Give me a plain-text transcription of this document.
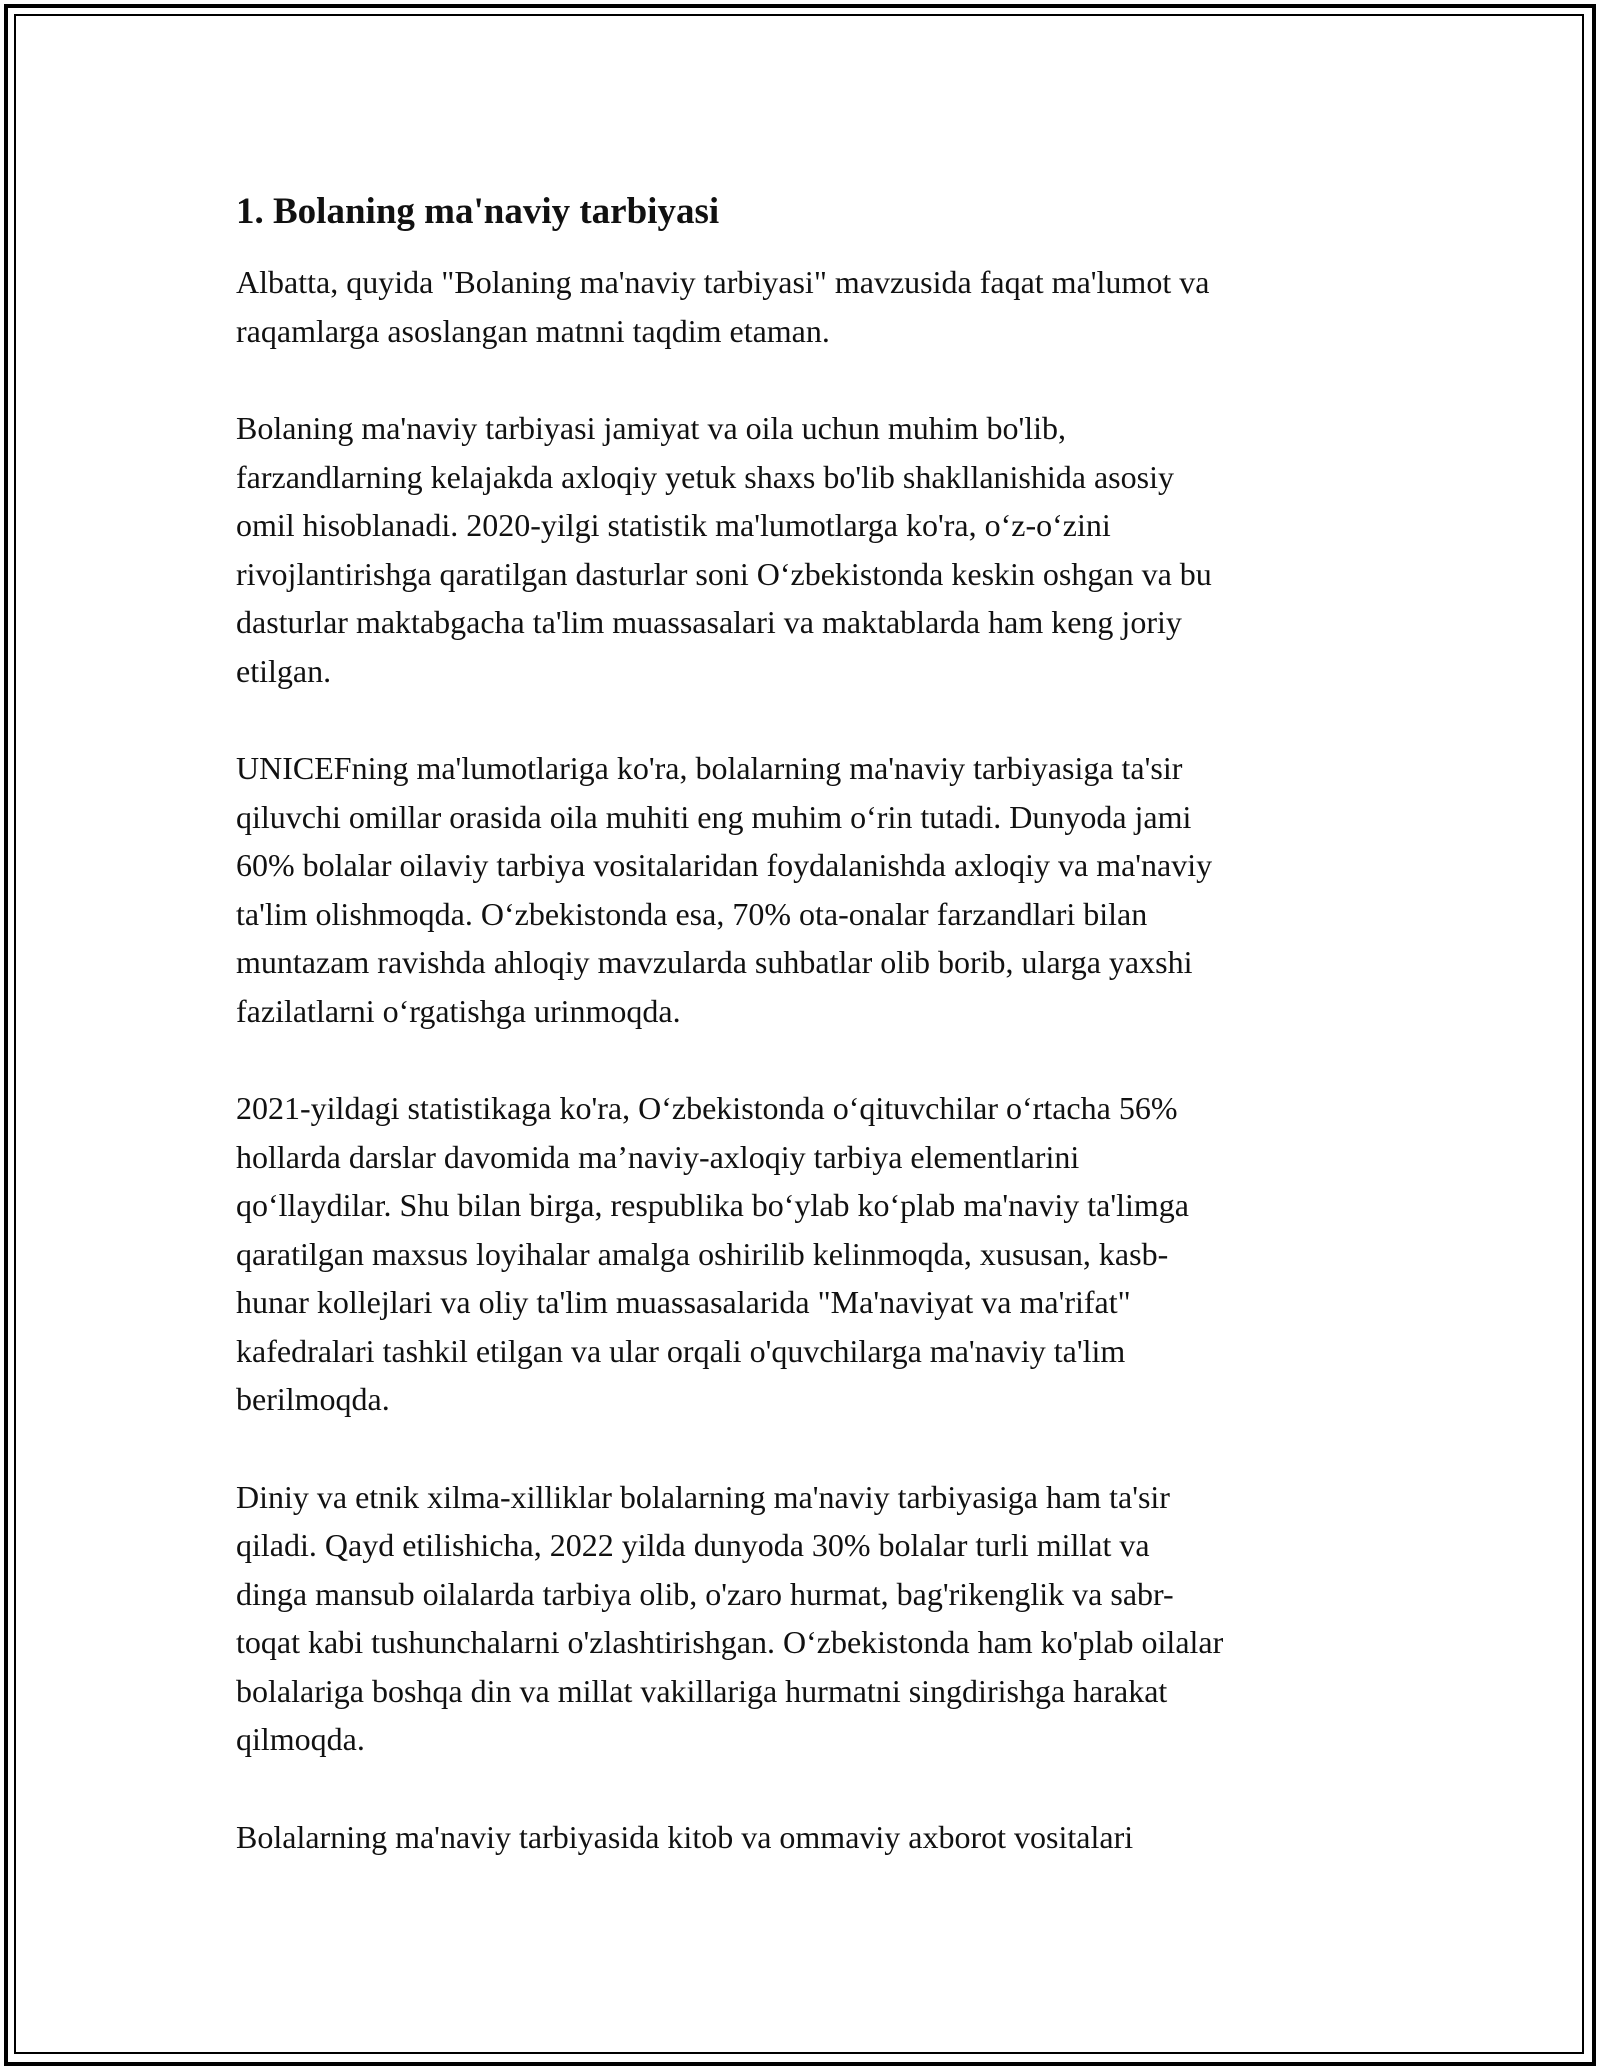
1. Bolaning ma'naviy tarbiyasi

Albatta, quyida "Bolaning ma'naviy tarbiyasi" mavzusida faqat ma'lumot va
raqamlarga asoslangan matnni taqdim etaman.

Bolaning ma'naviy tarbiyasi jamiyat va oila uchun muhim bo'lib,
farzandlarning kelajakda axloqiy yetuk shaxs bo'lib shakllanishida asosiy
omil hisoblanadi. 2020-yilgi statistik ma'lumotlarga ko'ra, o‘z-o‘zini
rivojlantirishga qaratilgan dasturlar soni O‘zbekistonda keskin oshgan va bu
dasturlar maktabgacha ta'lim muassasalari va maktablarda ham keng joriy
etilgan.

UNICEFning ma'lumotlariga ko'ra, bolalarning ma'naviy tarbiyasiga ta'sir
qiluvchi omillar orasida oila muhiti eng muhim o‘rin tutadi. Dunyoda jami
60% bolalar oilaviy tarbiya vositalaridan foydalanishda axloqiy va ma'naviy
ta'lim olishmoqda. O‘zbekistonda esa, 70% ota-onalar farzandlari bilan
muntazam ravishda ahloqiy mavzularda suhbatlar olib borib, ularga yaxshi
fazilatlarni o‘rgatishga urinmoqda.

2021-yildagi statistikaga ko'ra, O‘zbekistonda o‘qituvchilar o‘rtacha 56%
hollarda darslar davomida ma’naviy-axloqiy tarbiya elementlarini
qo‘llaydilar. Shu bilan birga, respublika bo‘ylab ko‘plab ma'naviy ta'limga
qaratilgan maxsus loyihalar amalga oshirilib kelinmoqda, xususan, kasb-
hunar kollejlari va oliy ta'lim muassasalarida "Ma'naviyat va ma'rifat"
kafedralari tashkil etilgan va ular orqali o'quvchilarga ma'naviy ta'lim
berilmoqda.

Diniy va etnik xilma-xilliklar bolalarning ma'naviy tarbiyasiga ham ta'sir
qiladi. Qayd etilishicha, 2022 yilda dunyoda 30% bolalar turli millat va
dinga mansub oilalarda tarbiya olib, o'zaro hurmat, bag'rikenglik va sabr-
toqat kabi tushunchalarni o'zlashtirishgan. O‘zbekistonda ham ko'plab oilalar
bolalariga boshqa din va millat vakillariga hurmatni singdirishga harakat
qilmoqda.

Bolalarning ma'naviy tarbiyasida kitob va ommaviy axborot vositalari
